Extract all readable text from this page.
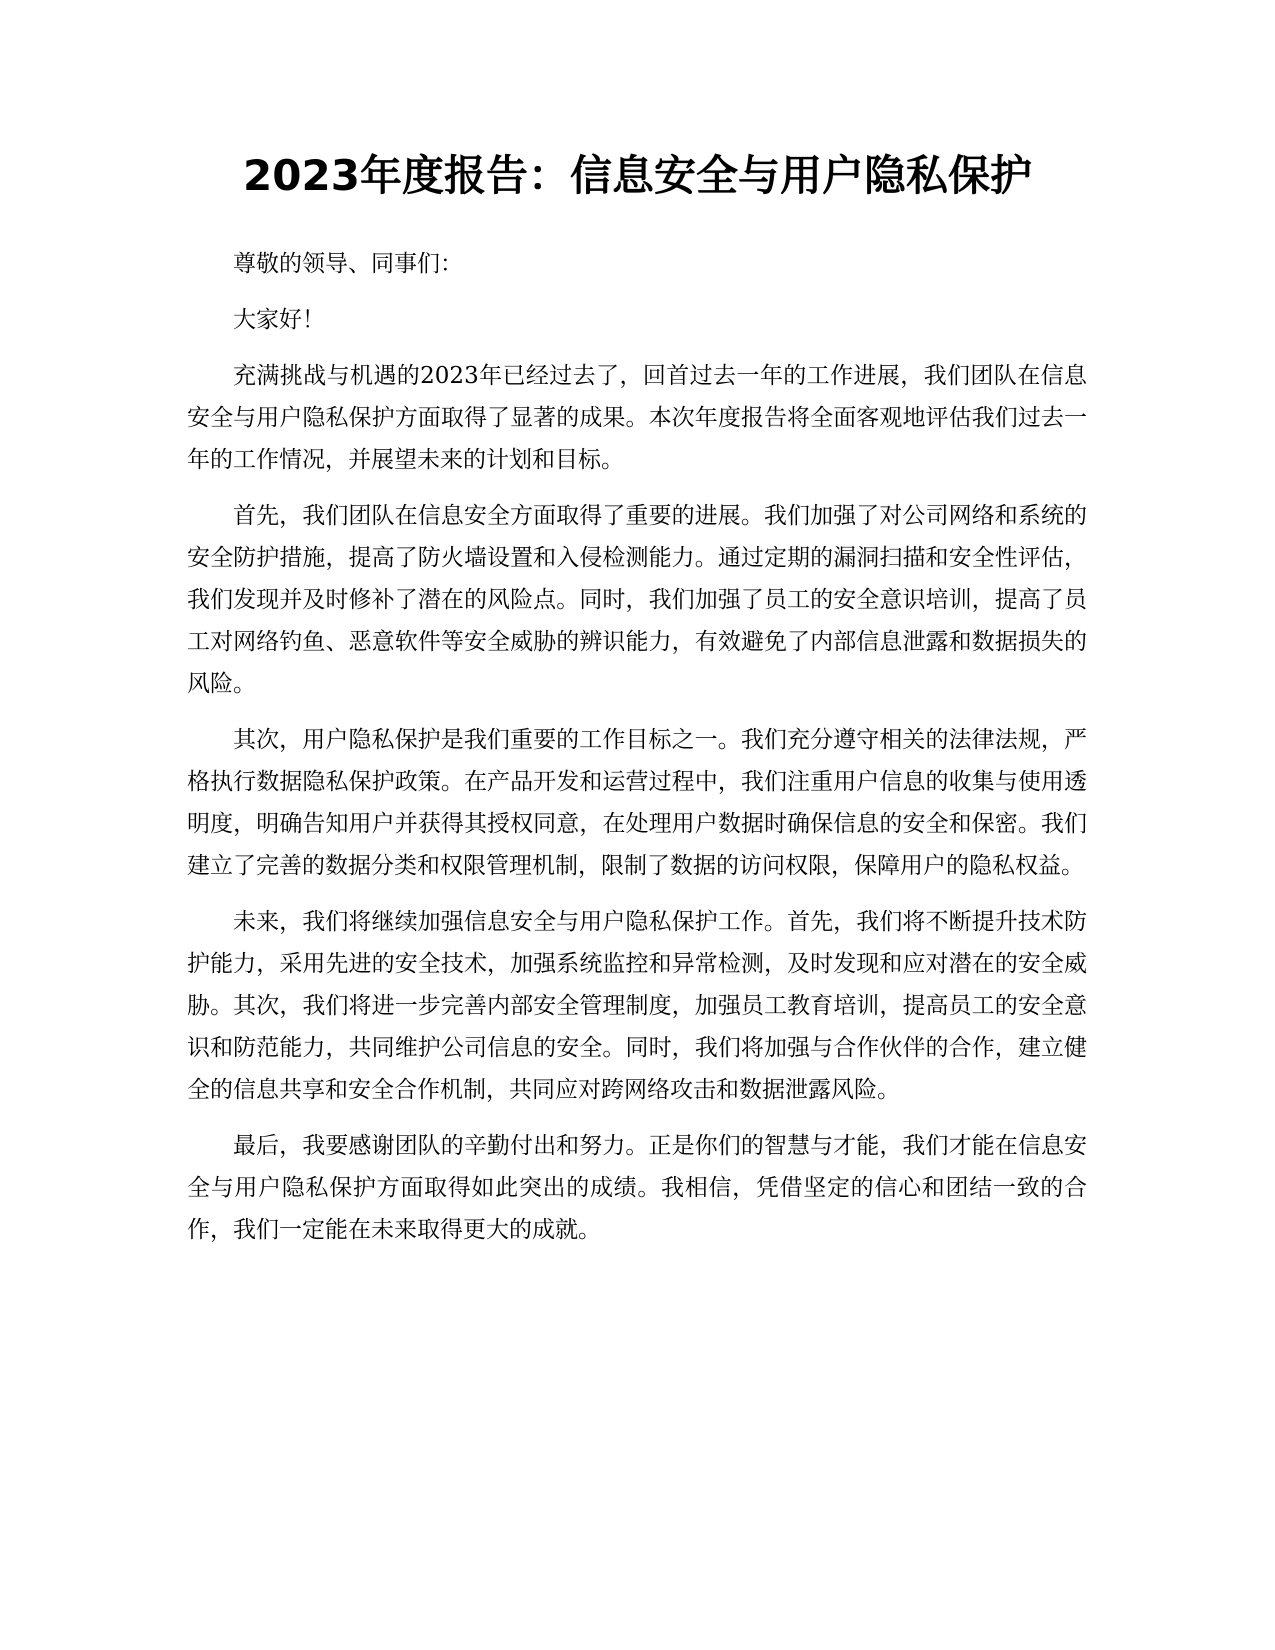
2023年度报告：信息安全与用户隐私保护

尊敬的领导、同事们：

大家好！

充满挑战与机遇的2023年已经过去了，回首过去一年的工作进展，我们团队在信息安全与用户隐私保护方面取得了显著的成果。本次年度报告将全面客观地评估我们过去一年的工作情况，并展望未来的计划和目标。

首先，我们团队在信息安全方面取得了重要的进展。我们加强了对公司网络和系统的安全防护措施，提高了防火墙设置和入侵检测能力。通过定期的漏洞扫描和安全性评估，我们发现并及时修补了潜在的风险点。同时，我们加强了员工的安全意识培训，提高了员工对网络钓鱼、恶意软件等安全威胁的辨识能力，有效避免了内部信息泄露和数据损失的风险。

其次，用户隐私保护是我们重要的工作目标之一。我们充分遵守相关的法律法规，严格执行数据隐私保护政策。在产品开发和运营过程中，我们注重用户信息的收集与使用透明度，明确告知用户并获得其授权同意，在处理用户数据时确保信息的安全和保密。我们建立了完善的数据分类和权限管理机制，限制了数据的访问权限，保障用户的隐私权益。

未来，我们将继续加强信息安全与用户隐私保护工作。首先，我们将不断提升技术防护能力，采用先进的安全技术，加强系统监控和异常检测，及时发现和应对潜在的安全威胁。其次，我们将进一步完善内部安全管理制度，加强员工教育培训，提高员工的安全意识和防范能力，共同维护公司信息的安全。同时，我们将加强与合作伙伴的合作，建立健全的信息共享和安全合作机制，共同应对跨网络攻击和数据泄露风险。

最后，我要感谢团队的辛勤付出和努力。正是你们的智慧与才能，我们才能在信息安全与用户隐私保护方面取得如此突出的成绩。我相信，凭借坚定的信心和团结一致的合作，我们一定能在未来取得更大的成就。
